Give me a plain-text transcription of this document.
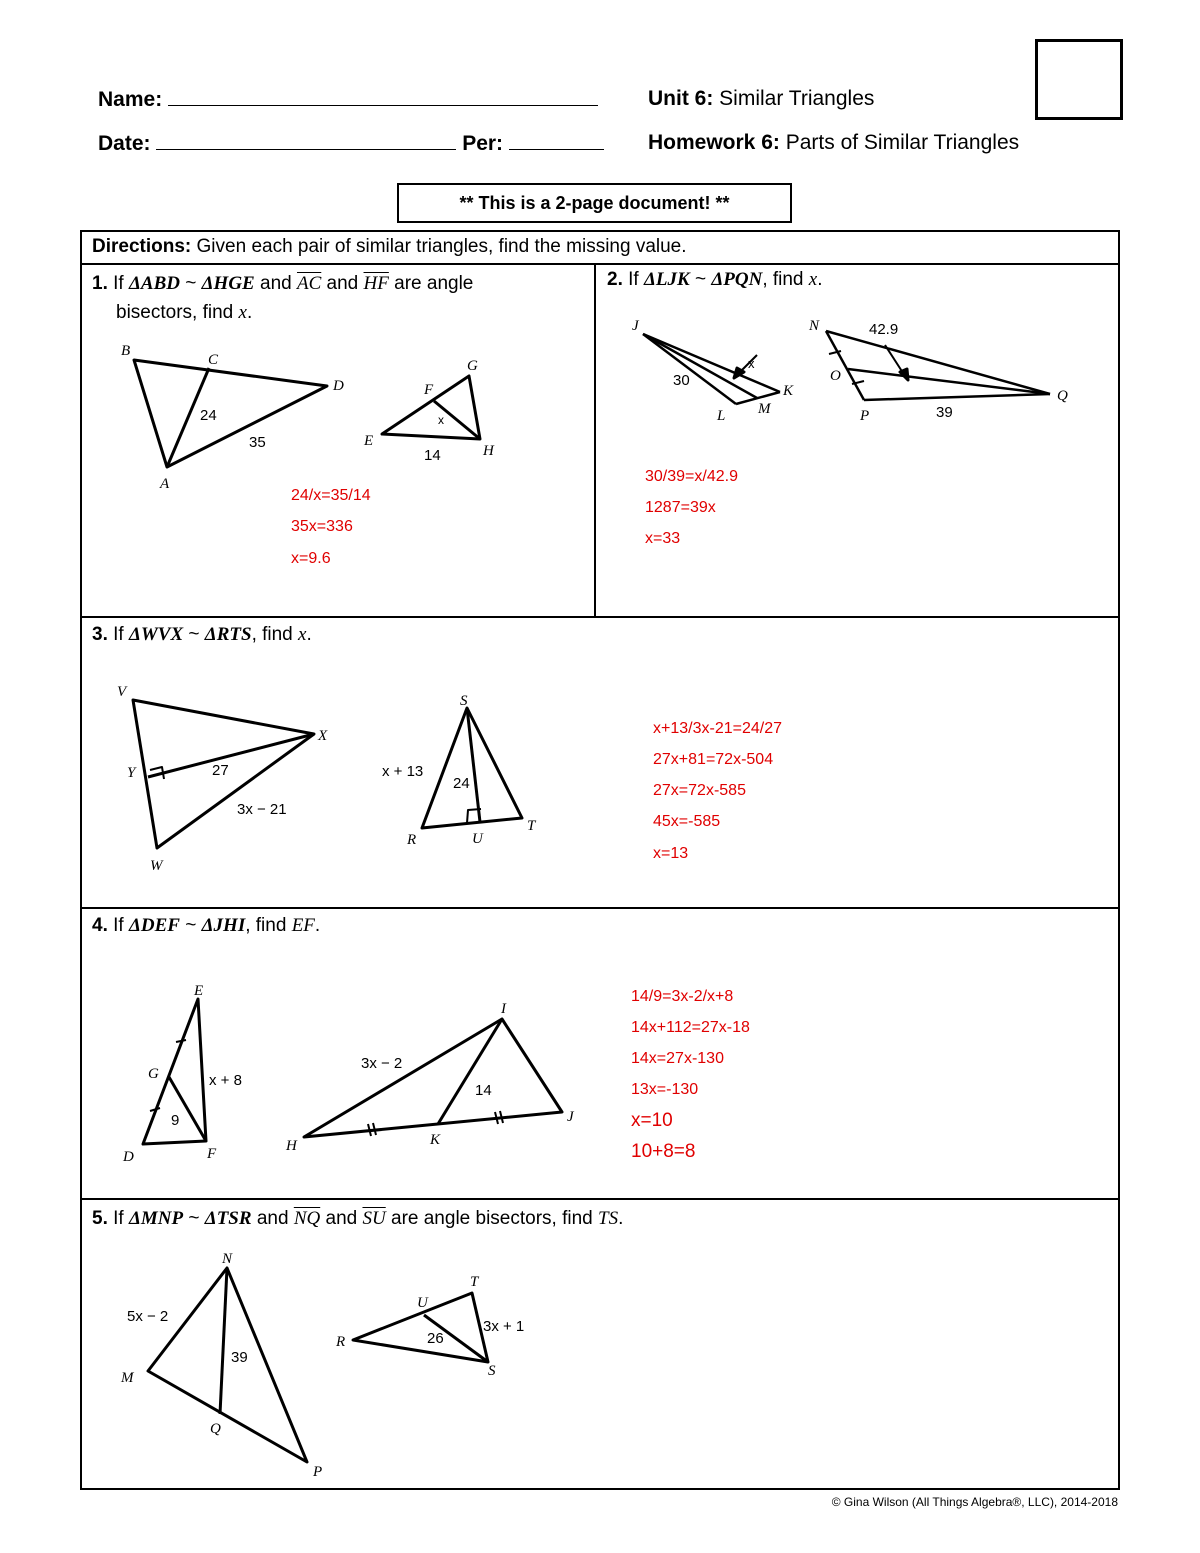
Name:
Date:	Per:
Unit 6: Similar Triangles
Homework 6: Parts of Similar Triangles
** This is a 2-page document! **
Directions: Given each pair of similar triangles, find the missing value.
1. If ΔABD ~ ΔHGE and $\overline{AC}$ and $\overline{HF}$ are angle
bisectors, find x.
2. If ΔLJK ~ ΔPQN, find x.
3. If ΔWVX ~ ΔRTS, find x.
4. If ΔDEF ~ ΔJHI, find EF.
5. If ΔMNP ~ ΔTSR and $\overline{NQ}$ and $\overline{SU}$ are angle bisectors, find TS.
24/x=35/14
35x=336
x=9.6
30/39=x/42.9
1287=39x
x=33
x+13/3x-21=24/27
27x+81=72x-504
27x=72x-585
45x=-585
x=13
14/9=3x-2/x+8
14x+112=27x-18
14x=27x-130
13x=-130
x=10
10+8=8
B
C
D
A
G
F
E
H
24
35
x
14
J
L M
K
N
O
P
Q
30
x
39
42.9
V
X
Y
W
S
R	U
T
27
3x − 21
x + 13
24
E
G
D	F
I
H	K
J
x + 8
9
3x − 2
14
N
M
Q
P
T
U
R
S
5x − 2
39
26
3x + 1
© Gina Wilson (All Things Algebra®, LLC), 2014-2018
